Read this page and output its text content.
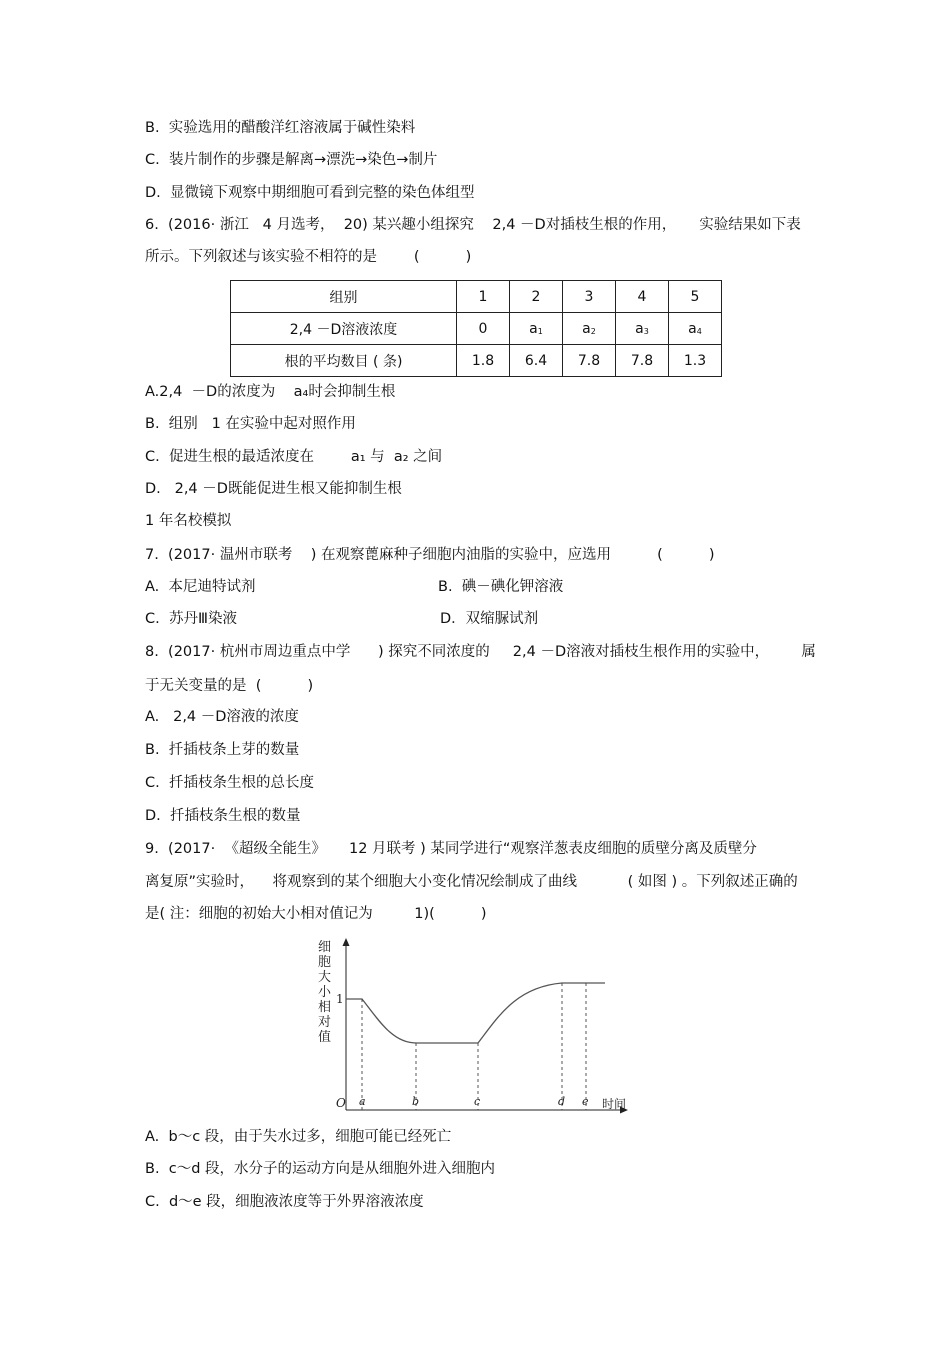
B.  实验选用的醋酸洋红溶液属于碱性染料
C.  装片制作的步骤是解离→漂洗→染色→制片
D.  显微镜下观察中期细胞可看到完整的染色体组型
6.  (2016· 浙江   4 月选考，  20) 某兴趣小组探究    2,4 －D对插枝生根的作用，     实验结果如下表
所示。下列叙述与该实验不相符的是        (          )
组别	1	2	3	4	5
2,4 －D溶液浓度	0	$a_1$	$a_2$	$a_3$	$a_4$
根的平均数目 ( 条)	1.8	6.4	7.8	7.8	1.3
A.2,4  －D的浓度为    a₄时会抑制生根
B.  组别   1 在实验中起对照作用
C.  促进生根的最适浓度在        a₁ 与  a₂ 之间
D.   2,4 －D既能促进生根又能抑制生根
1 年名校模拟
7.  (2017· 温州市联考    ) 在观察蓖麻种子细胞内油脂的实验中，应选用          (          )
A.  本尼迪特试剂	B.  碘－碘化钾溶液
C.  苏丹Ⅲ染液	D．双缩脲试剂
8.  (2017· 杭州市周边重点中学      ) 探究不同浓度的     2,4 －D溶液对插枝生根作用的实验中，       属
于无关变量的是  (          )
A.   2,4 －D溶液的浓度
B.  扦插枝条上芽的数量
C.  扦插枝条生根的总长度
D.  扦插枝条生根的数量
9.  (2017·  《超级全能生》     12 月联考 ) 某同学进行“观察洋葱表皮细胞的质壁分离及质壁分
离复原”实验时，    将观察到的某个细胞大小变化情况绘制成了曲线           ( 如图 ) 。下列叙述正确的
是( 注：细胞的初始大小相对值记为         1)(          )
细
胞
大
小
相
对
值
1
O a	b	c	d e 时间
A.  b～c 段，由于失水过多，细胞可能已经死亡
B.  c～d 段，水分子的运动方向是从细胞外进入细胞内
C.  d～e 段，细胞液浓度等于外界溶液浓度
